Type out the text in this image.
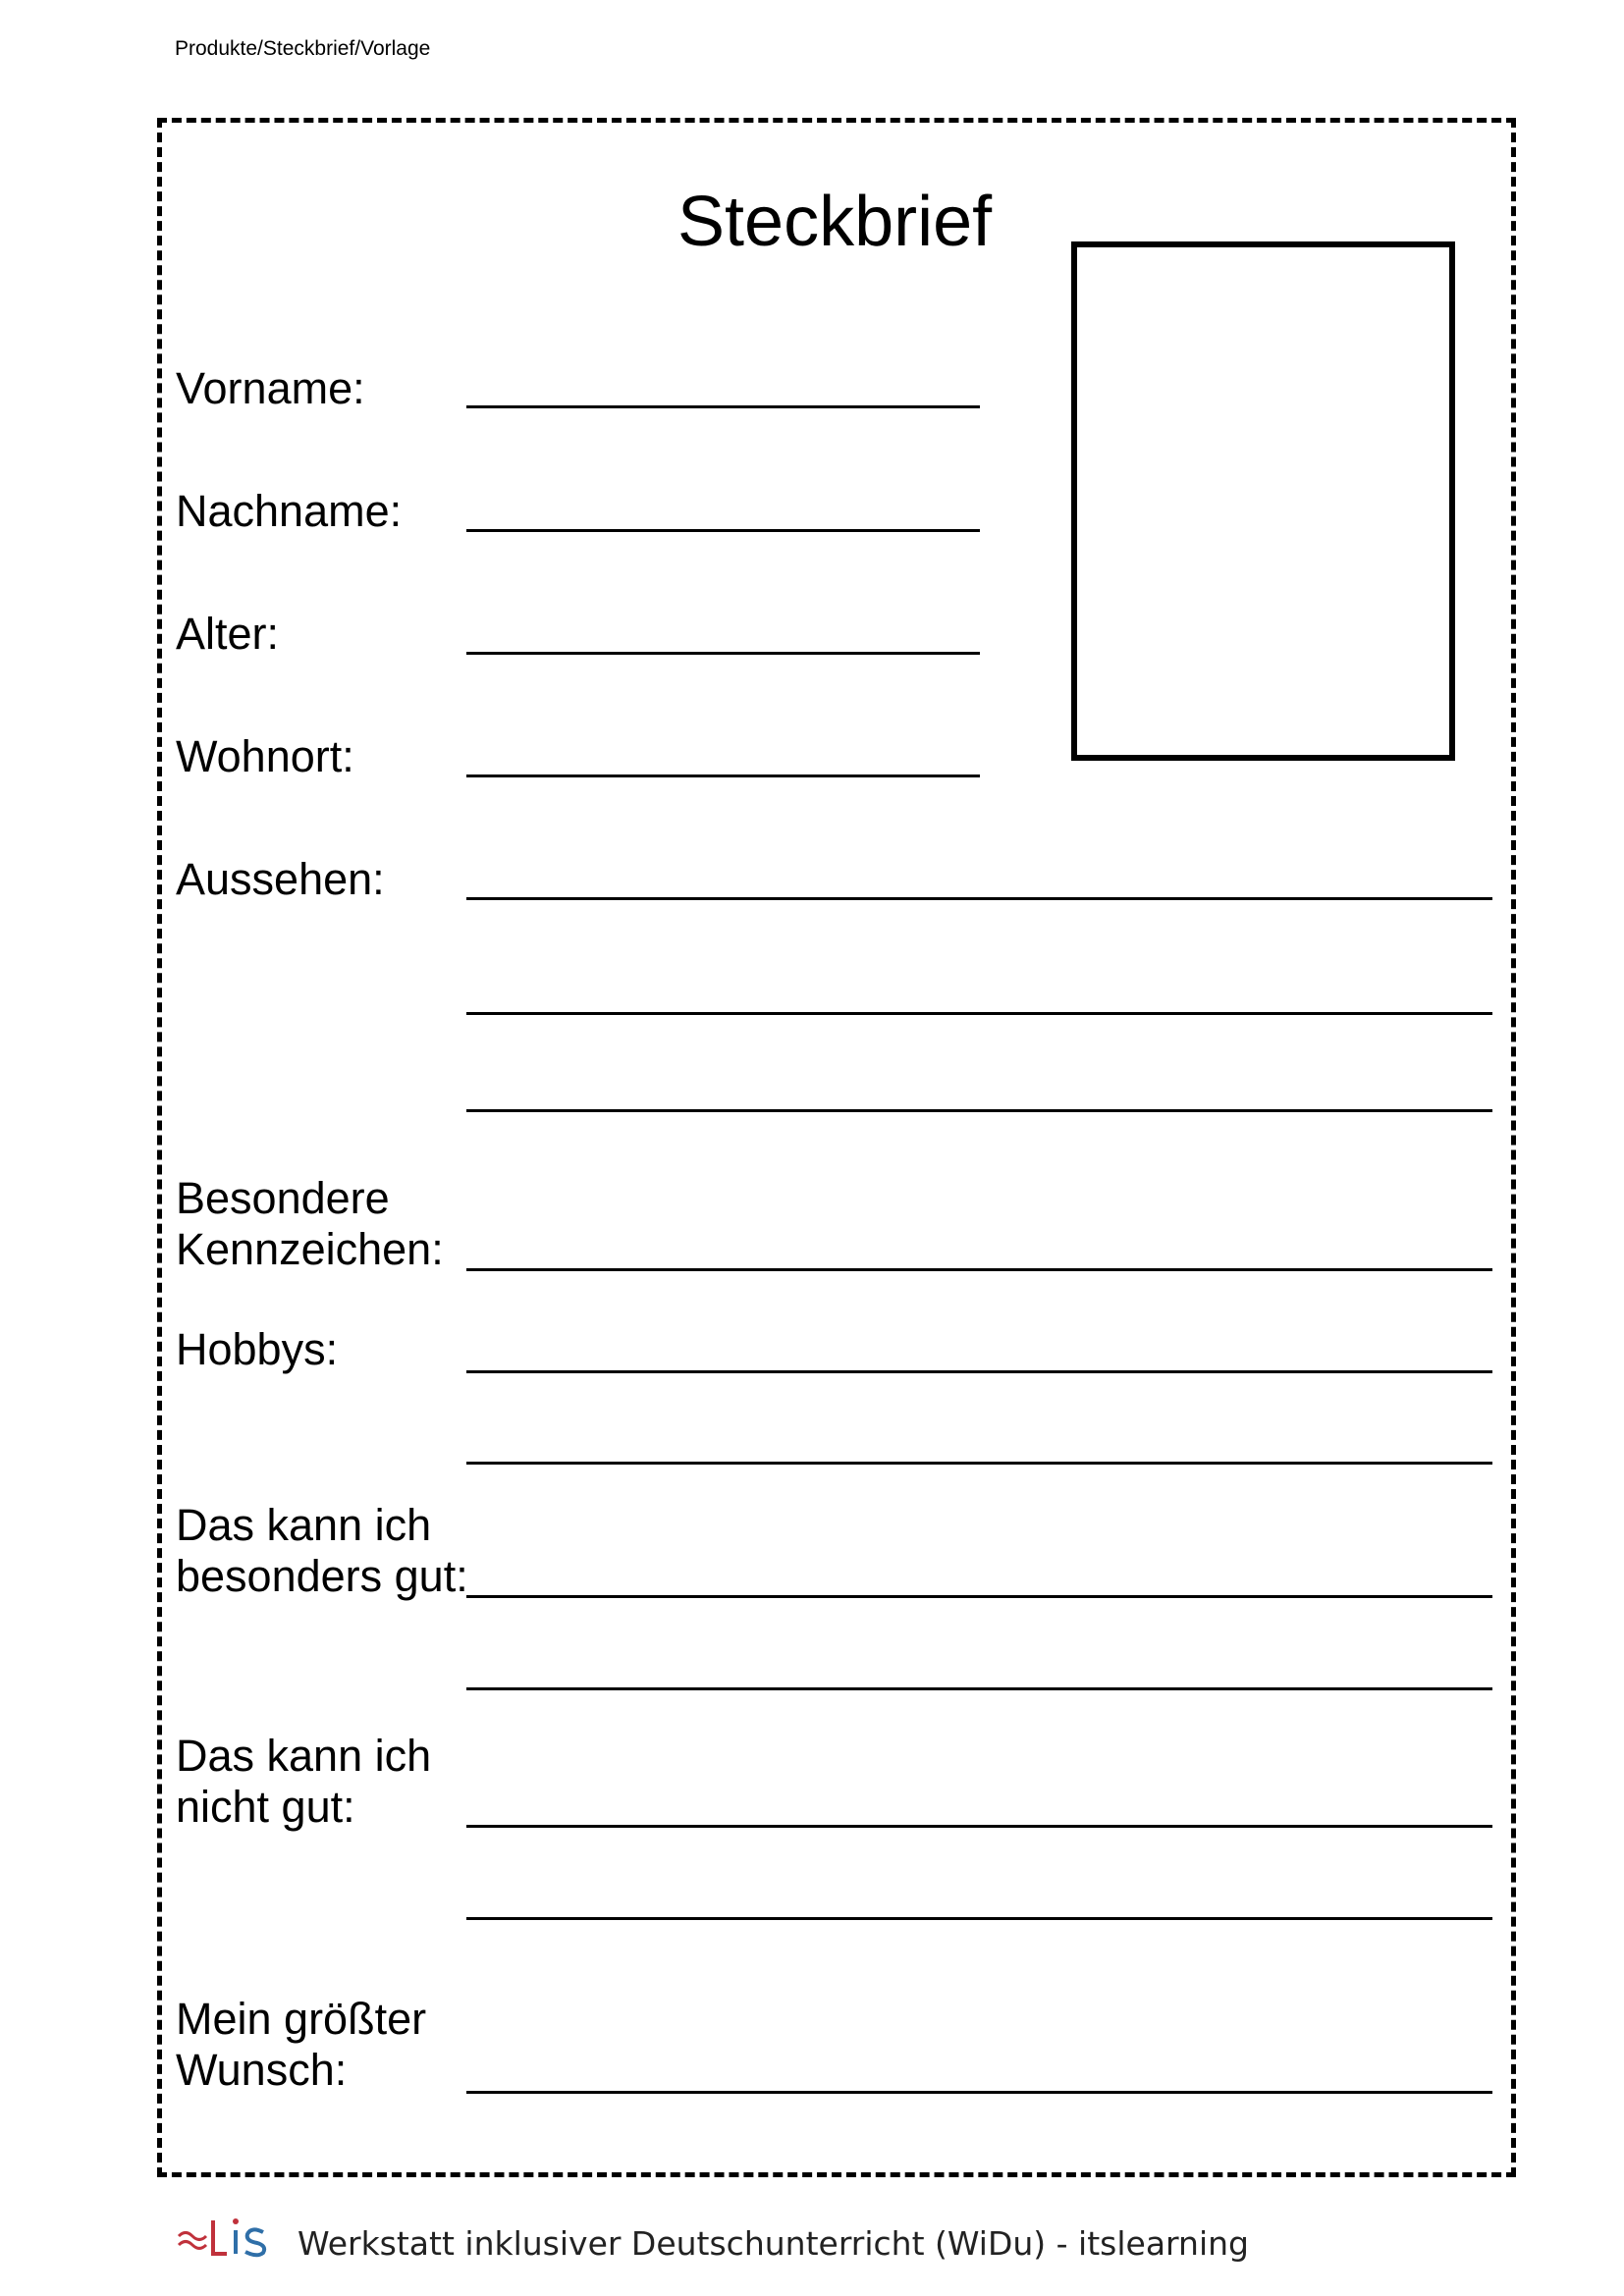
Produkte/Steckbrief/Vorlage
Steckbrief
Vorname:
Nachname:
Alter:
Wohnort:
Aussehen:
Besondere
Kennzeichen:
Hobbys:
Das kann ich
besonders gut:
Das kann ich
nicht gut:
Mein größter
Wunsch:
Werkstatt inklusiver Deutschunterricht (WiDu) - itslearning
